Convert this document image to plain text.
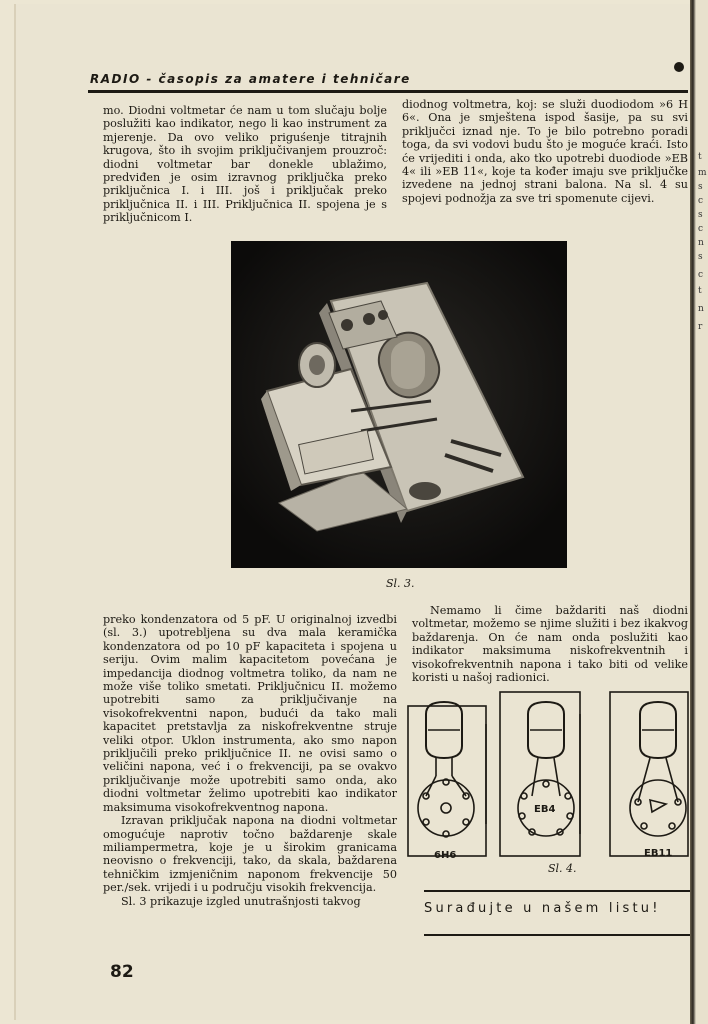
t
m
s
c
s
c
n
s
c
t
n
r
RADIO - časopis za amatere i tehničare

mo. Diodni voltmetar će nam u tom slučaju bolje poslužiti kao indikator, nego li kao instrument za mjerenje. Da ovo veliko priguśenje titrajnih krugova, što ih svojim priključivanjem prouzroč: diodni voltmetar bar donekle ublažimo, predviđen je osim izravnog priključka preko priključnica I. i III. još i priključak preko priključnica II. i III. Priključnica II. spojena je s priključnicom I.

diodnog voltmetra, koj: se služi duodiodom »6 H 6«. Ona je smještena ispod šasije, pa su svi priključci iznad nje. To je bilo potrebno poradi toga, da svi vodovi budu što je moguće kraći. Isto će vrijediti i onda, ako tko upotrebi duodiode »EB 4« ili »EB 11«, koje ta kođer imaju sve priključke izvedene na jednoj strani balona. Na sl. 4 su spojevi podnožja za sve tri spomenute cijevi.

Sl. 3.

preko kondenzatora od 5 pF. U originalnoj izvedbi (sl. 3.) upotrebljena su dva mala keramička kondenzatora od po 10 pF kapaciteta i spojena u seriju. Ovim malim kapacitetom povećana je impedancija diodnog voltmetra toliko, da nam ne može više toliko smetati. Priključnicu II. možemo upotrebiti samo za priključivanje na visokofrekventni napon, budući da tako mali kapacitet pretstavlja za niskofrekventne struje veliki otpor. Uklon instrumenta, ako smo napon priključili preko priključnice II. ne ovisi samo o veličini napona, već i o frekvenciji, pa se ovakvo priključivanje može upotrebiti samo onda, ako diodni voltmetar želimo upotrebiti kao indikator maksimuma visokofrekventnog napona.

Izravan priključak napona na diodni voltmetar omogućuje naprotiv točno baždarenje skale miliampermetra, koje je u širokim granicama neovisno o frekvenciji, tako, da skala, baždarena tehničkim izmjeničnim naponom frekvencije 50 per./sek. vrijedi i u području visokih frekvencija.

Sl. 3 prikazuje izgled unutrašnjosti takvog

Nemamo li čime baždariti naš diodni voltmetar, možemo se njime služiti i bez ikakvog baždarenja. On će nam onda poslužiti kao indikator maksimuma niskofrekventnih i visokofrekventnih napona i tako biti od velike koristi u našoj radionici.

6H6
EB4
EB11
Sl. 4.
Surađujte u našem listu!
82
